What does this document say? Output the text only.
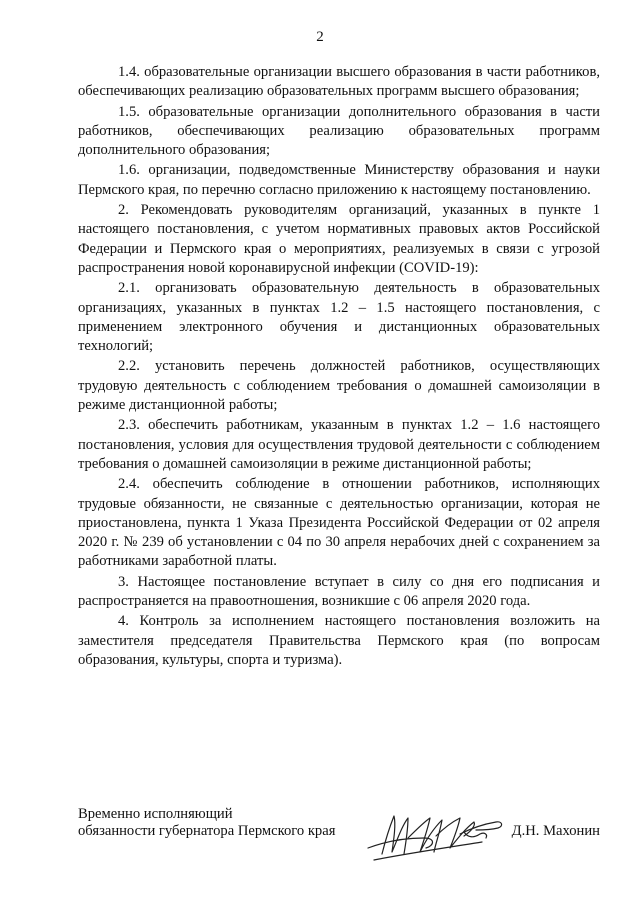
2

1.4. образовательные организации высшего образования в части работников, обеспечивающих реализацию образовательных программ высшего образования;

1.5. образовательные организации дополнительного образования в части работников, обеспечивающих реализацию образовательных программ дополнительного образования;

1.6. организации, подведомственные Министерству образования и науки Пермского края, по перечню согласно приложению к настоящему постановлению.

2. Рекомендовать руководителям организаций, указанных в пункте 1 настоящего постановления, с учетом нормативных правовых актов Российской Федерации и Пермского края о мероприятиях, реализуемых в связи с угрозой распространения новой коронавирусной инфекции (COVID-19):

2.1. организовать образовательную деятельность в образовательных организациях, указанных в пунктах 1.2 – 1.5 настоящего постановления, с применением электронного обучения и дистанционных образовательных технологий;

2.2. установить перечень должностей работников, осуществляющих трудовую деятельность с соблюдением требования о домашней самоизоляции в режиме дистанционной работы;

2.3. обеспечить работникам, указанным в пунктах 1.2 – 1.6 настоящего постановления, условия для осуществления трудовой деятельности с соблюдением требования о домашней самоизоляции в режиме дистанционной работы;

2.4. обеспечить соблюдение в отношении работников, исполняющих трудовые обязанности, не связанные с деятельностью организации, которая не приостановлена, пункта 1 Указа Президента Российской Федерации от 02 апреля 2020 г. № 239 об установлении с 04 по 30 апреля нерабочих дней с сохранением за работниками заработной платы.

3. Настоящее постановление вступает в силу со дня его подписания и распространяется на правоотношения, возникшие с 06 апреля 2020 года.

4. Контроль за исполнением настоящего постановления возложить на заместителя председателя Правительства Пермского края (по вопросам образования, культуры, спорта и туризма).

Временно исполняющий
обязанности губернатора Пермского края	Д.Н. Махонин
